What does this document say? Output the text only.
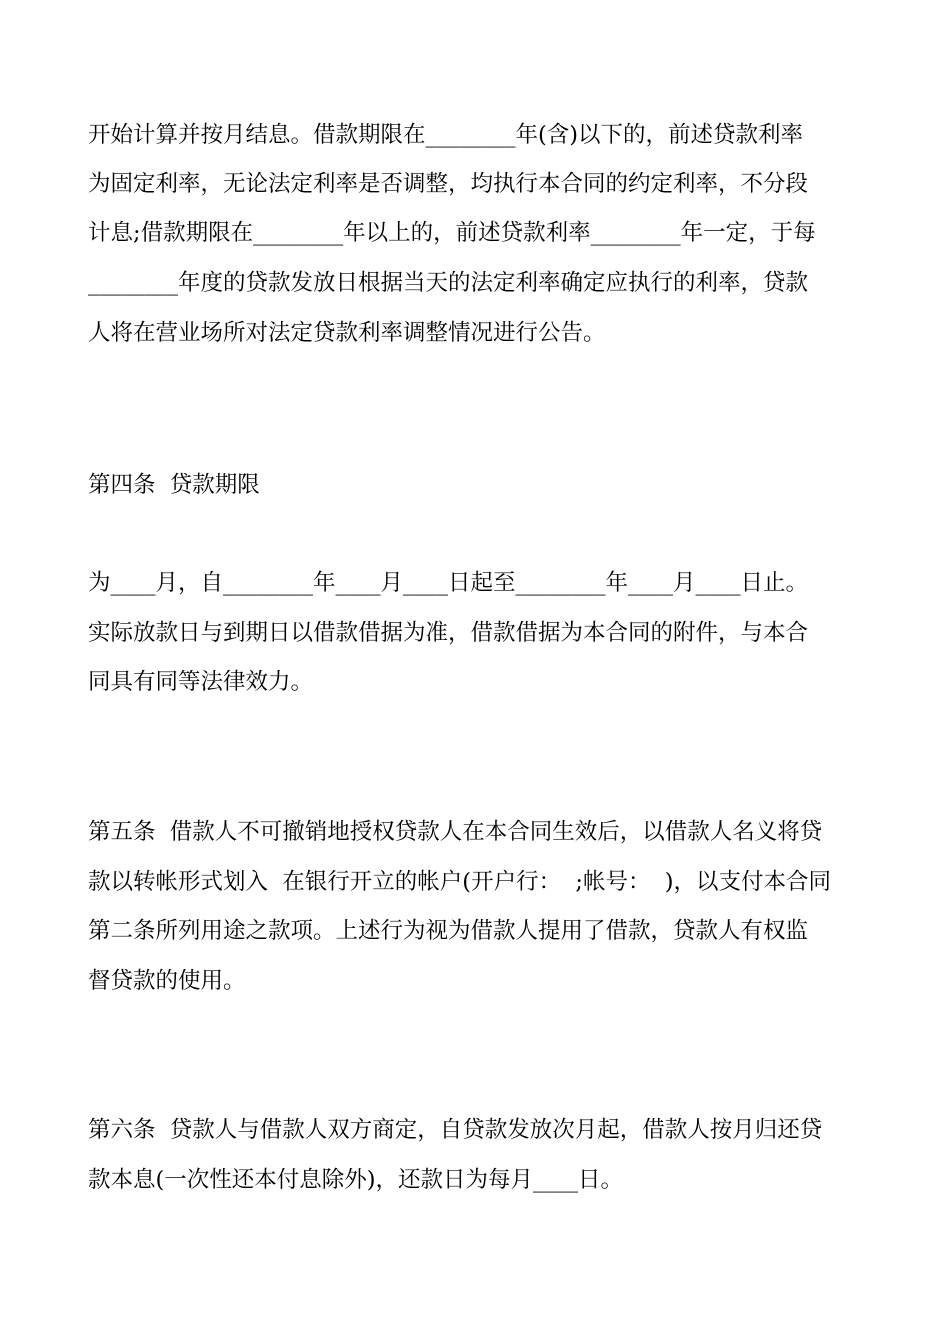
开始计算并按月结息。借款期限在________年(含)以下的，前述贷款利率
为固定利率，无论法定利率是否调整，均执行本合同的约定利率，不分段
计息;借款期限在________年以上的，前述贷款利率________年一定，于每
________年度的贷款发放日根据当天的法定利率确定应执行的利率，贷款
人将在营业场所对法定贷款利率调整情况进行公告。
第四条  贷款期限
为____月，自________年____月____日起至________年____月____日止。
实际放款日与到期日以借款借据为准，借款借据为本合同的附件，与本合
同具有同等法律效力。
第五条  借款人不可撤销地授权贷款人在本合同生效后，以借款人名义将贷
款以转帐形式划入  在银行开立的帐户(开户行：  ;帐号：  )，以支付本合同
第二条所列用途之款项。上述行为视为借款人提用了借款，贷款人有权监
督贷款的使用。
第六条  贷款人与借款人双方商定，自贷款发放次月起，借款人按月归还贷
款本息(一次性还本付息除外)，还款日为每月____日。
